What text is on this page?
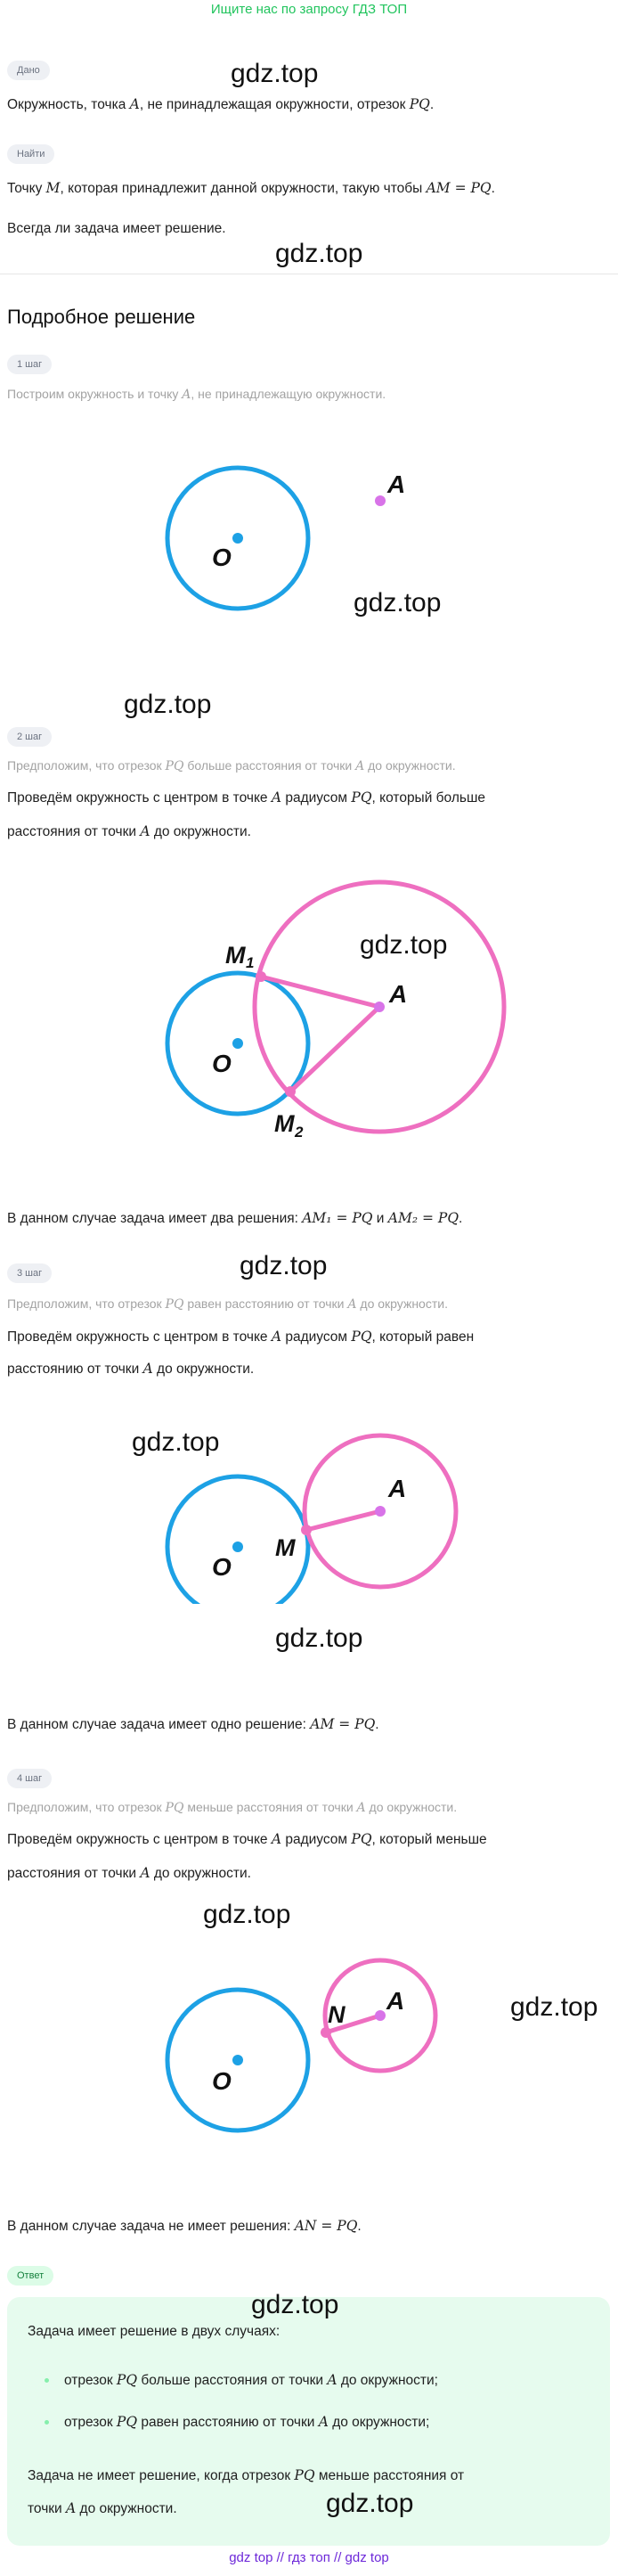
Ищите нас по запросу ГДЗ ТОП
Дано	gdz.top
Окружность, точка A, не принадлежащая окружности, отрезок PQ.
Найти
Точку M, которая принадлежит данной окружности, такую чтобы AM = PQ.
Всегда ли задача имеет решение.
gdz.top
Подробное решение
1 шаг
Построим окружность и точку A, не принадлежащую окружности.
O
A
gdz.top
gdz.top
2 шаг
Предположим, что отрезок PQ больше расстояния от точки A до окружности.
Проведём окружность с центром в точке A радиусом PQ, который больше
расстояния от точки A до окружности.
O
A
M 1
M 2
gdz.top
В данном случае задача имеет два решения: AM₁ = PQ и AM₂ = PQ.
3 шаг	gdz.top
Предположим, что отрезок PQ равен расстоянию от точки A до окружности.
Проведём окружность с центром в точке A радиусом PQ, который равен
расстоянию от точки A до окружности.
gdz.top
O
A
M
gdz.top
В данном случае задача имеет одно решение: AM = PQ.
4 шаг
Предположим, что отрезок PQ меньше расстояния от точки A до окружности.
Проведём окружность с центром в точке A радиусом PQ, который меньше
расстояния от точки A до окружности.
gdz.top
O
A
N	gdz.top
В данном случае задача не имеет решения: AN = PQ.
Ответ
gdz.top
Задача имеет решение в двух случаях:
отрезок PQ больше расстояния от точки A до окружности;
отрезок PQ равен расстоянию от точки A до окружности;
Задача не имеет решение, когда отрезок PQ меньше расстояния от
точки A до окружности.	gdz.top
gdz top // гдз топ // gdz top
